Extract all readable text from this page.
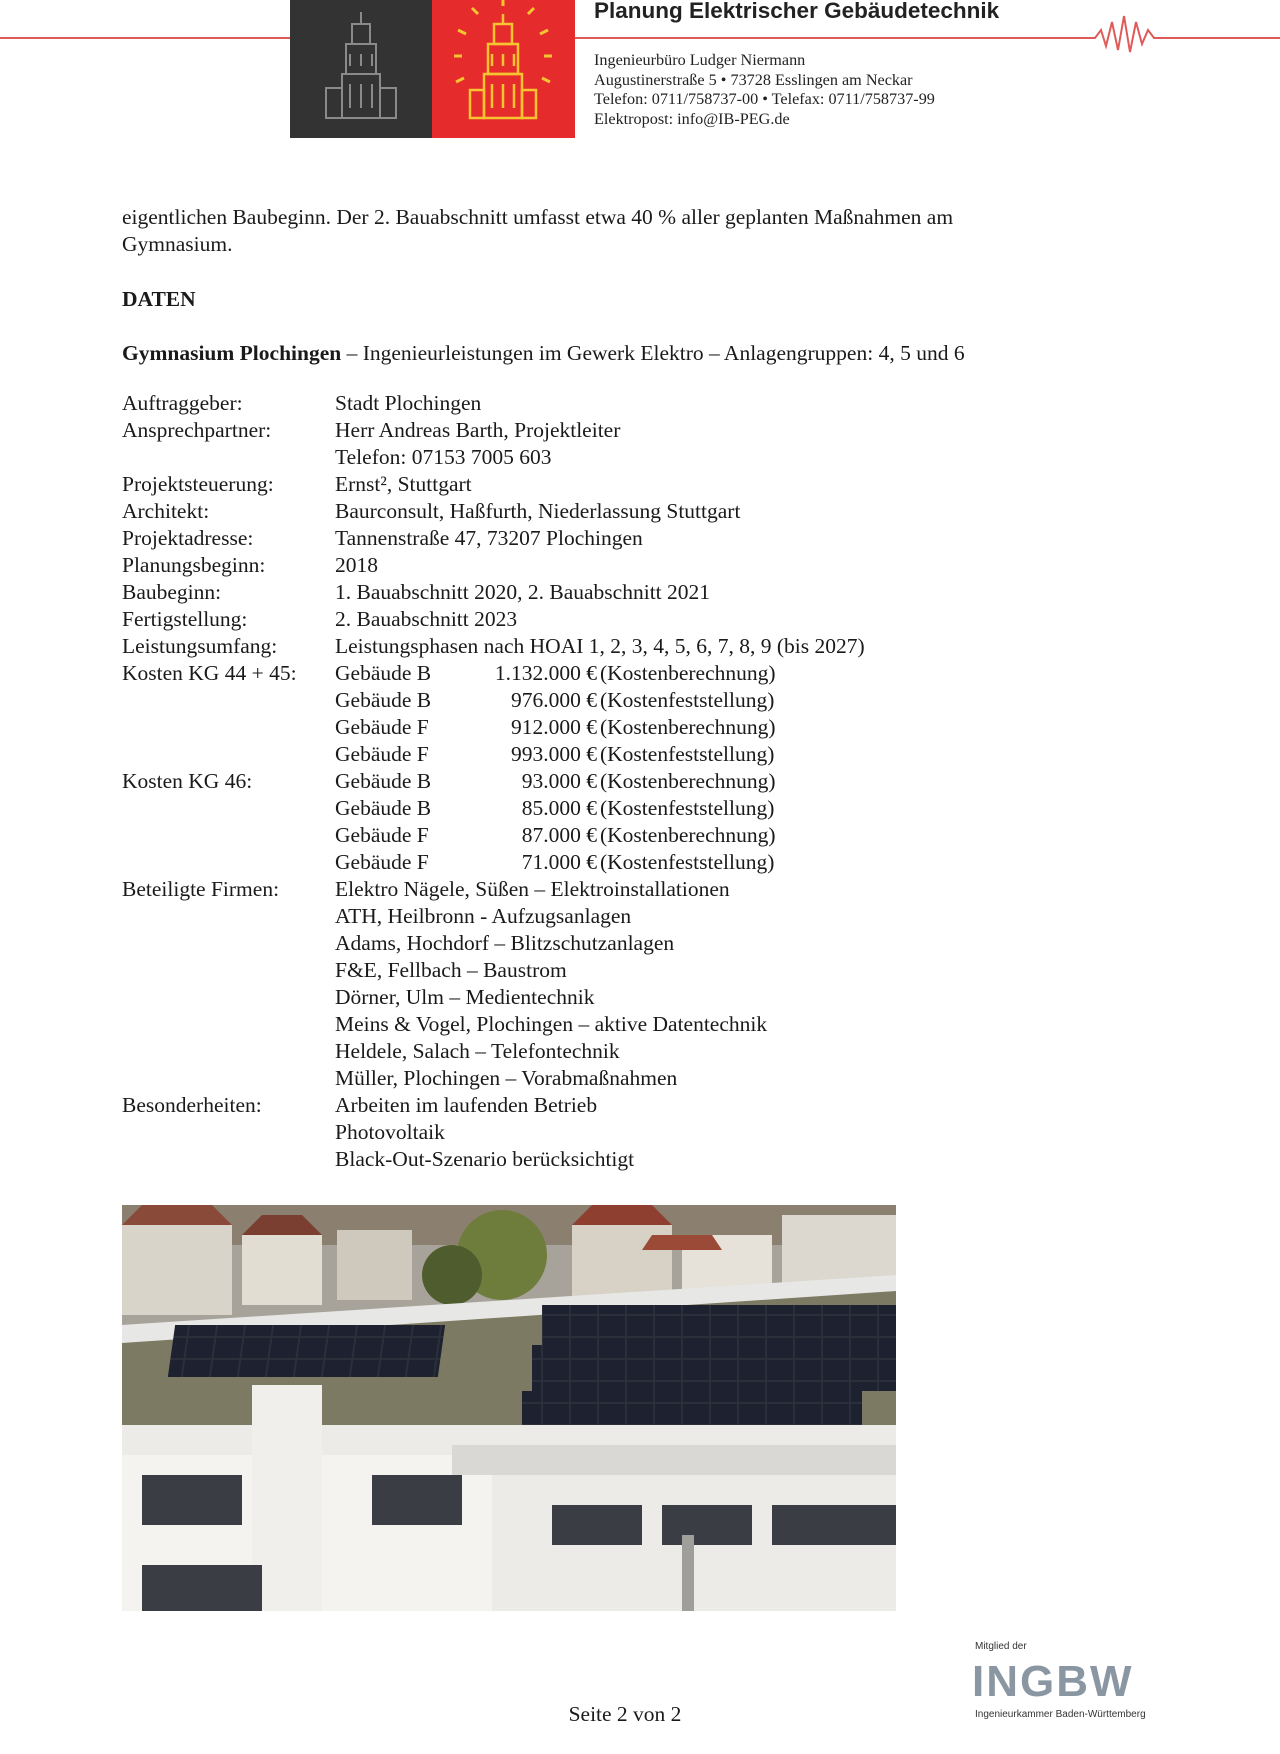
Planung Elektrischer Gebäudetechnik
Ingenieurbüro Ludger Niermann
Augustinerstraße 5 • 73728 Esslingen am Neckar
Telefon: 0711/758737-00 • Telefax: 0711/758737-99
Elektropost: info@IB-PEG.de
eigentlichen Baubeginn. Der 2. Bauabschnitt umfasst etwa 40 % aller geplanten Maßnahmen am
Gymnasium.
DATEN
Gymnasium Plochingen – Ingenieurleistungen im Gewerk Elektro – Anlagengruppen: 4, 5 und 6
Auftraggeber:	Stadt Plochingen
Ansprechpartner:	Herr Andreas Barth, Projektleiter
Telefon: 07153 7005 603
Projektsteuerung:	Ernst², Stuttgart
Architekt:	Baurconsult, Haßfurth, Niederlassung Stuttgart
Projektadresse:	Tannenstraße 47, 73207 Plochingen
Planungsbeginn:	2018
Baubeginn:	1. Bauabschnitt 2020, 2. Bauabschnitt 2021
Fertigstellung:	2. Bauabschnitt 2023
Leistungsumfang:	Leistungsphasen nach HOAI 1, 2, 3, 4, 5, 6, 7, 8, 9 (bis 2027)
Kosten KG 44 + 45: Gebäude B	1.132.000 € (Kostenberechnung)
Gebäude B	976.000 € (Kostenfeststellung)
Gebäude F	912.000 € (Kostenberechnung)
Gebäude F	993.000 € (Kostenfeststellung)
Kosten KG 46:	Gebäude B	93.000 € (Kostenberechnung)
Gebäude B	85.000 € (Kostenfeststellung)
Gebäude F	87.000 € (Kostenberechnung)
Gebäude F	71.000 € (Kostenfeststellung)
Beteiligte Firmen:	Elektro Nägele, Süßen – Elektroinstallationen
ATH, Heilbronn - Aufzugsanlagen
Adams, Hochdorf – Blitzschutzanlagen
F&E, Fellbach – Baustrom
Dörner, Ulm – Medientechnik
Meins & Vogel, Plochingen – aktive Datentechnik
Heldele, Salach – Telefontechnik
Müller, Plochingen – Vorabmaßnahmen
Besonderheiten:	Arbeiten im laufenden Betrieb
Photovoltaik
Black-Out-Szenario berücksichtigt
Seite 2 von 2
Mitglied der
INGBW
Ingenieurkammer Baden-Württemberg
